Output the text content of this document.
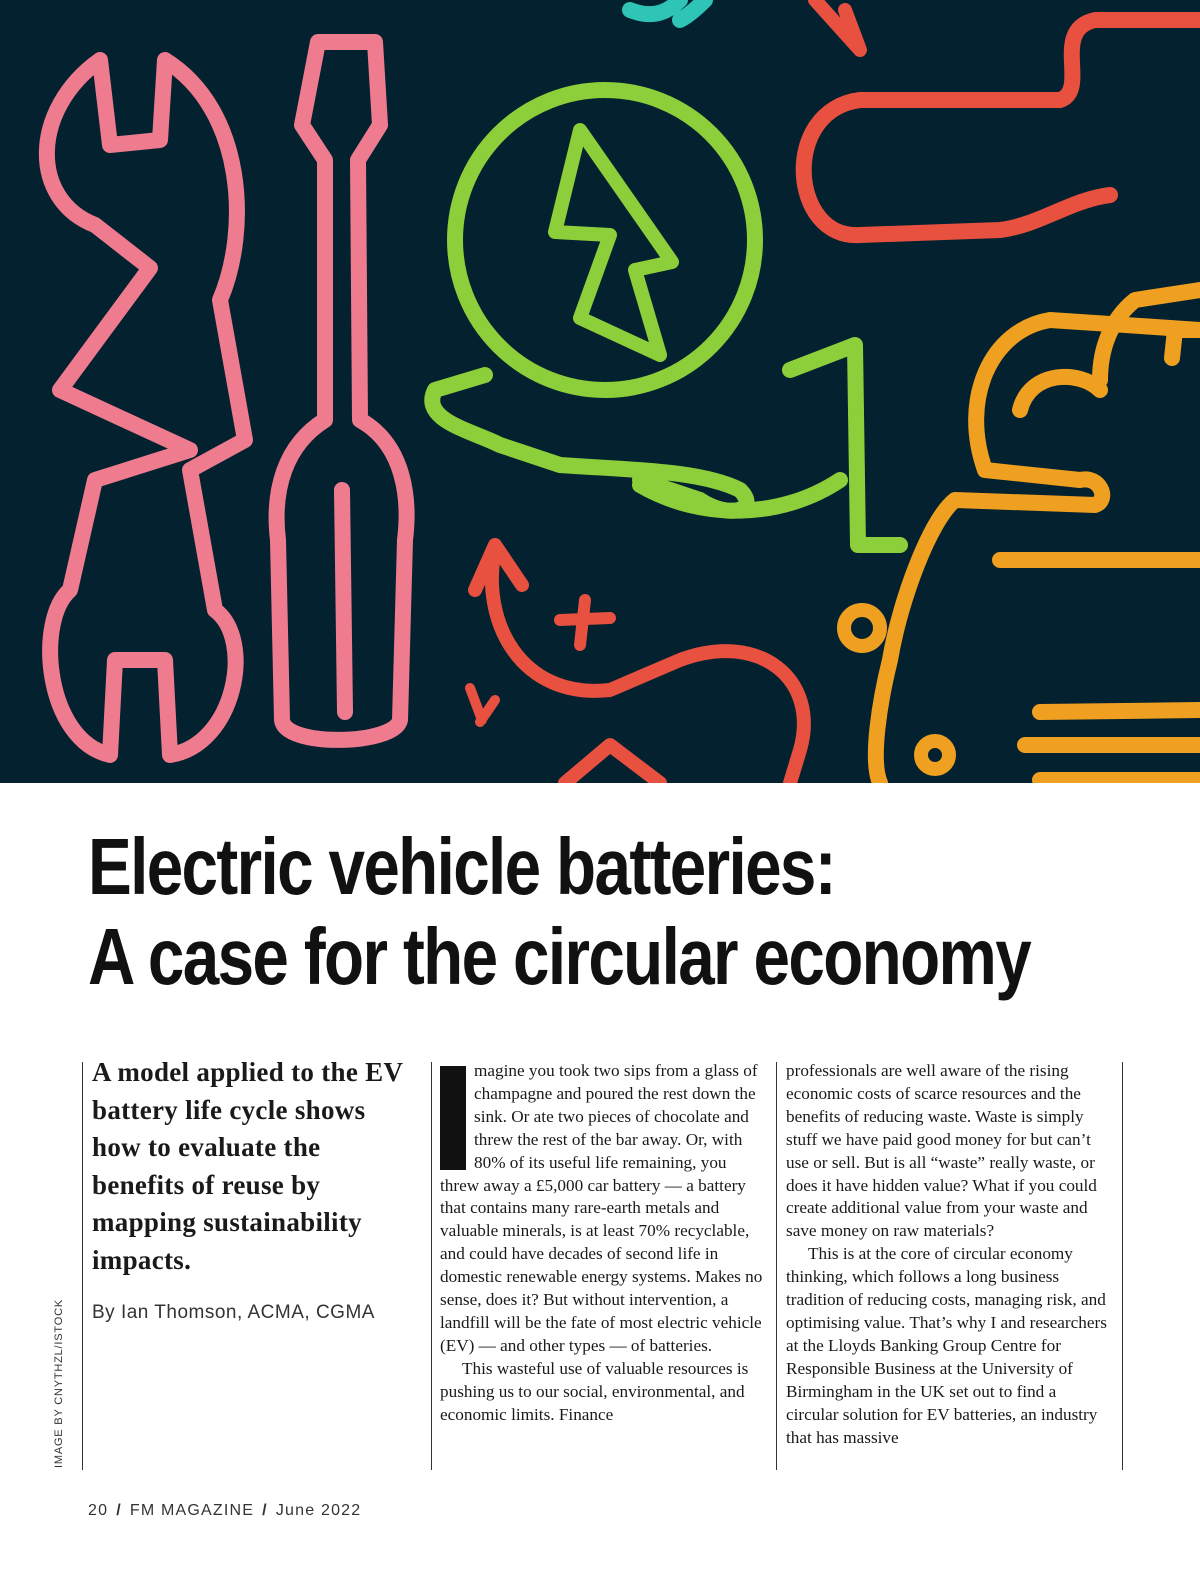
Electric vehicle batteries:
A case for the circular economy
IMAGE BY CNYTHZL/ISTOCK

A model applied to the EV battery life cycle shows how to evaluate the benefits of reuse by mapping sustainability impacts.

By Ian Thomson, ACMA, CGMA

magine you took two sips from a glass of champagne and poured the rest down the sink. Or ate two pieces of chocolate and threw the rest of the bar away. Or, with 80% of its useful life remaining, you threw away a £5,000 car battery — a battery that contains many rare-earth metals and valuable minerals, is at least 70% recyclable, and could have decades of second life in domestic renewable energy systems. Makes no sense, does it? But without intervention, a landfill will be the fate of most electric vehicle (EV) — and other types — of batteries.

This wasteful use of valuable resources is pushing us to our social, environmental, and economic limits. Finance

professionals are well aware of the rising economic costs of scarce resources and the benefits of reducing waste. Waste is simply stuff we have paid good money for but can’t use or sell. But is all “waste” really waste, or does it have hidden value? What if you could create additional value from your waste and save money on raw materials?

This is at the core of circular economy thinking, which follows a long business tradition of reducing costs, managing risk, and optimising value. That’s why I and researchers at the Lloyds Banking Group Centre for Responsible Business at the University of Birmingham in the UK set out to find a circular solution for EV batteries, an industry that has massive

20 / FM MAGAZINE / June 2022
